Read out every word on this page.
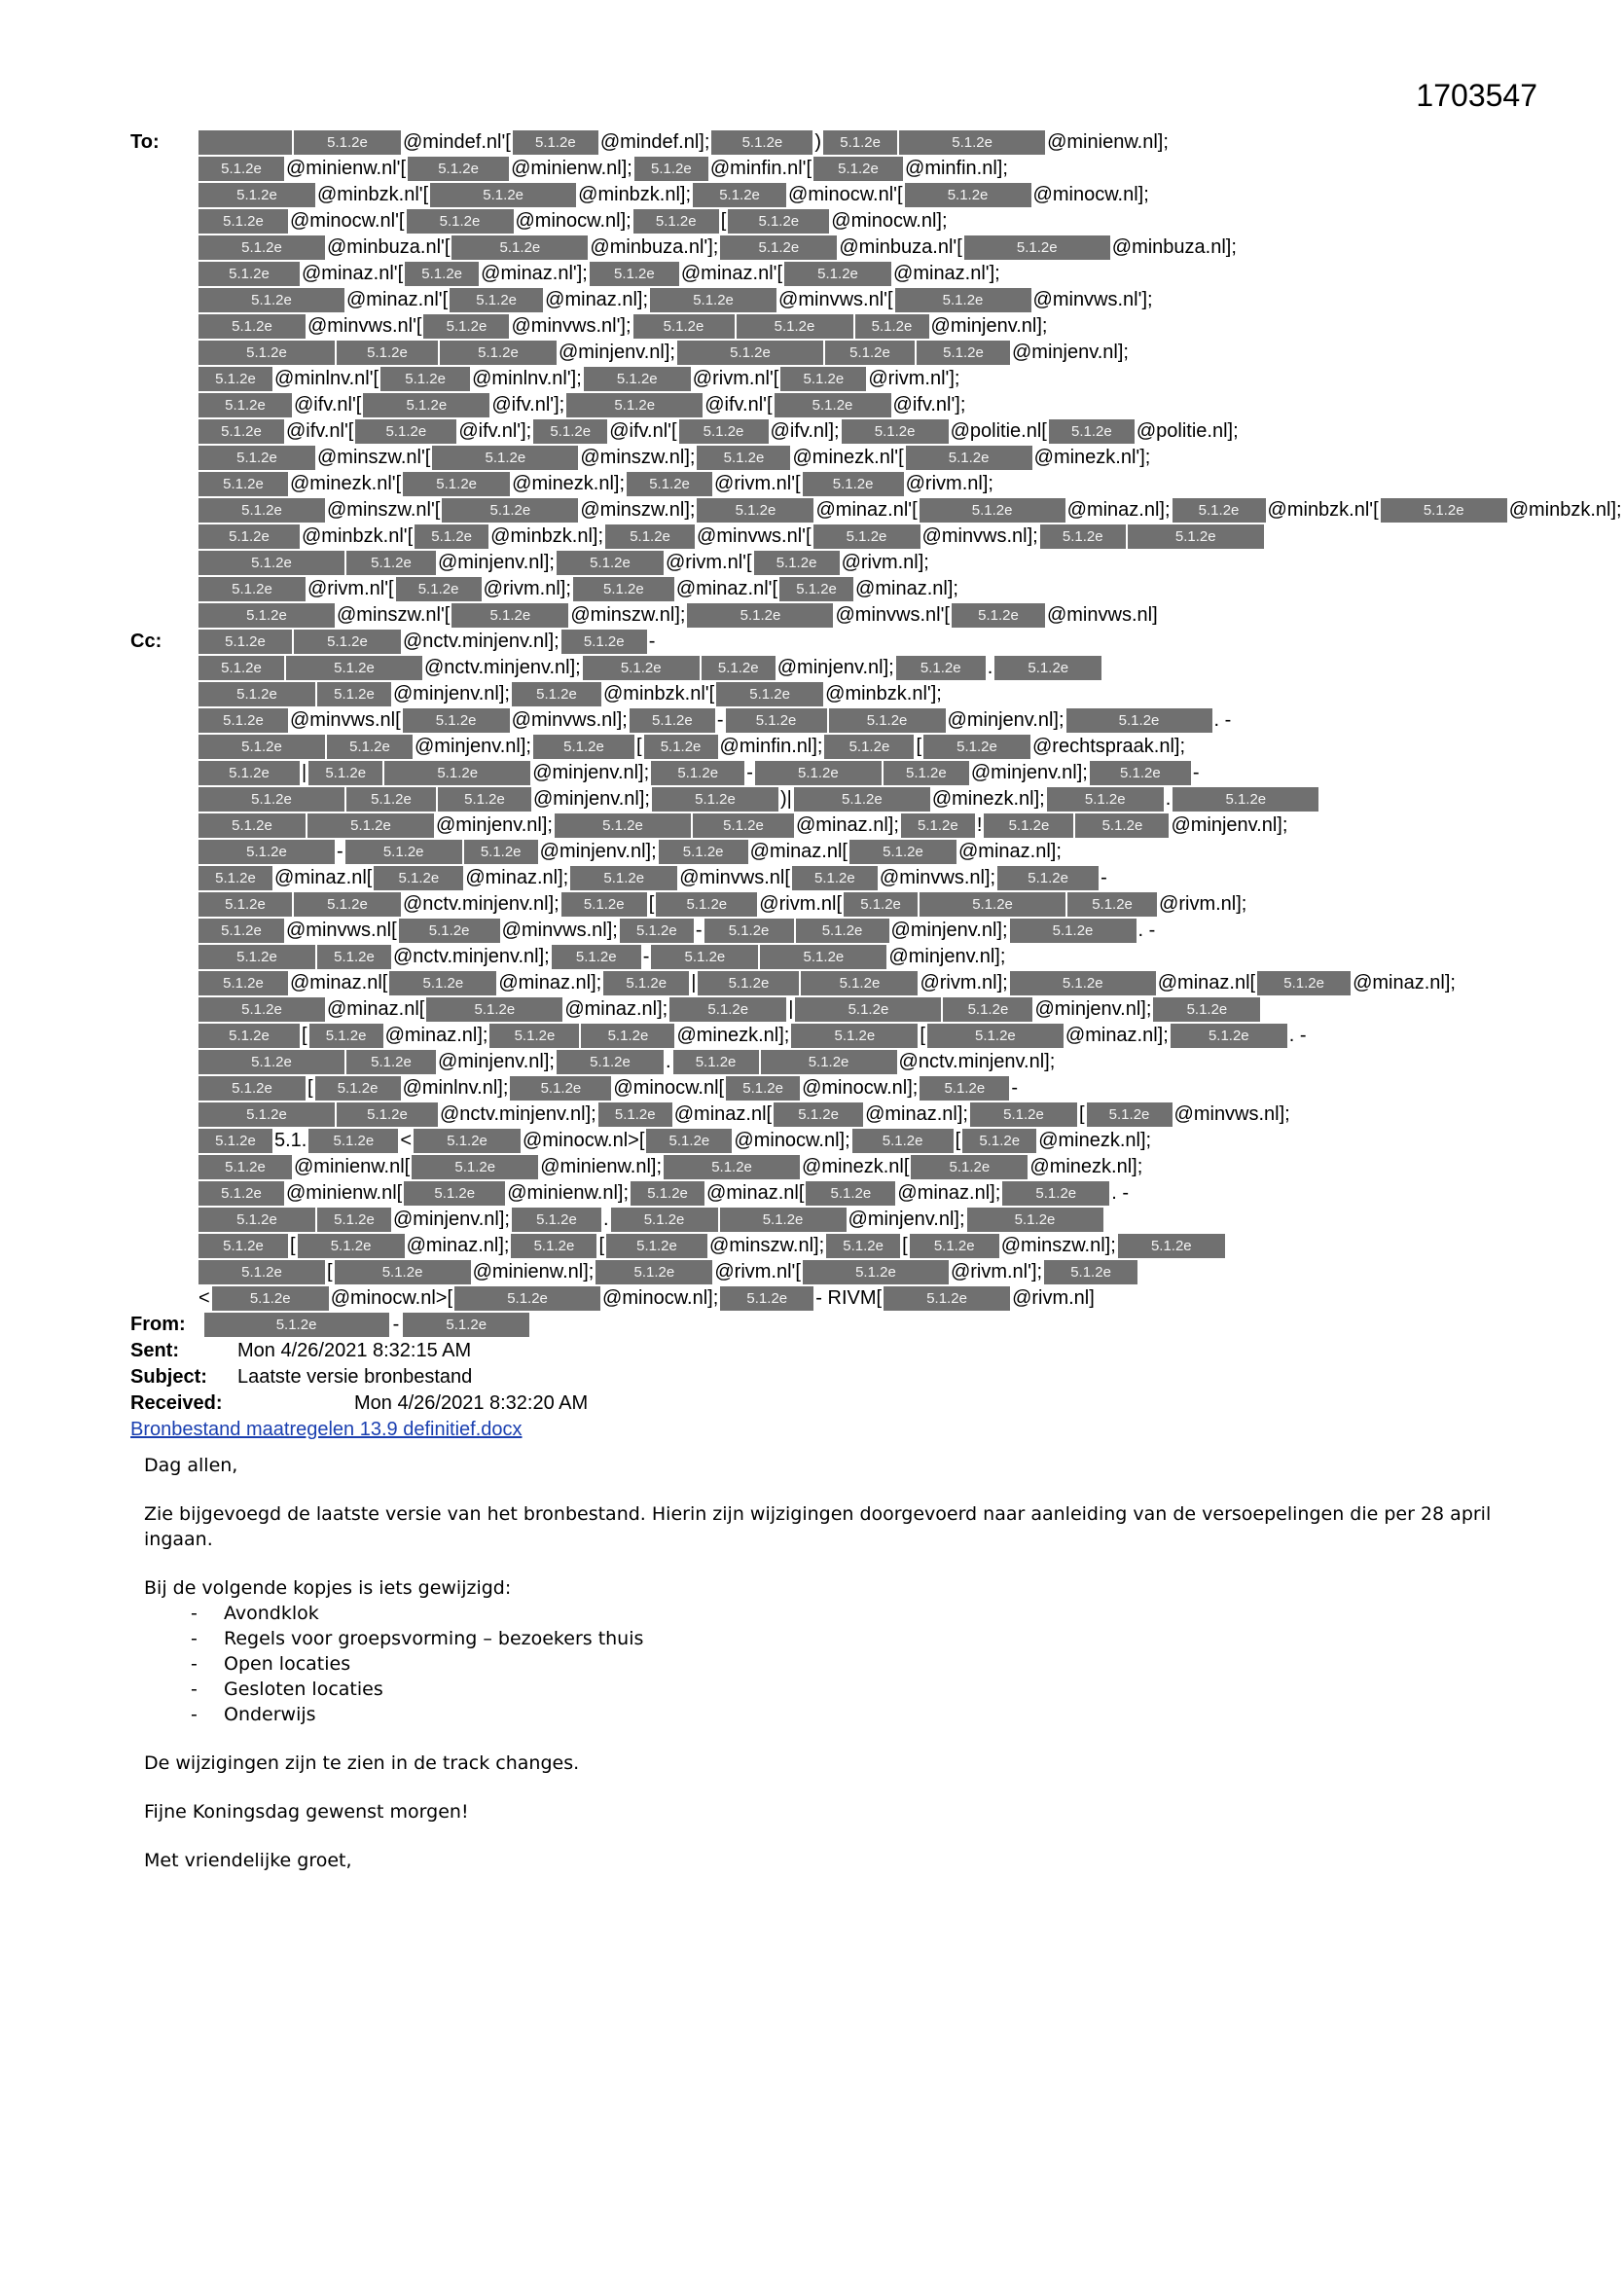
1703547
To:	5.1.2e @mindef.nl'[ 5.1.2e @mindef.nl]; 5.1.2e ) 5.1.2e	5.1.2e	@minienw.nl];
5.1.2e @minienw.nl'[ 5.1.2e @minienw.nl]; 5.1.2e @minfin.nl'[ 5.1.2e @minfin.nl];
5.1.2e @minbzk.nl'[	5.1.2e	@minbzk.nl]; 5.1.2e @minocw.nl'[	5.1.2e @minocw.nl];
5.1.2e @minocw.nl'[ 5.1.2e @minocw.nl]; 5.1.2e [ 5.1.2e @minocw.nl];
5.1.2e @minbuza.nl'[	5.1.2e	@minbuza.nl'];	5.1.2e @minbuza.nl'[	5.1.2e	@minbuza.nl];
5.1.2e @minaz.nl'[ 5.1.2e @minaz.nl']; 5.1.2e @minaz.nl'[ 5.1.2e @minaz.nl'];
5.1.2e	@minaz.nl'[ 5.1.2e @minaz.nl];	5.1.2e @minvws.nl'[	5.1.2e	@minvws.nl'];
5.1.2e @minvws.nl'[ 5.1.2e @minvws.nl']; 5.1.2e	5.1.2e	5.1.2e @minjenv.nl];
5.1.2e	5.1.2e	5.1.2e @minjenv.nl];	5.1.2e	5.1.2e	5.1.2e @minjenv.nl];
5.1.2e @minlnv.nl'[ 5.1.2e @minlnv.nl']; 5.1.2e @rivm.nl'[ 5.1.2e @rivm.nl'];
5.1.2e @ifv.nl'[	5.1.2e @ifv.nl'];	5.1.2e	@ifv.nl'[	5.1.2e @ifv.nl'];
5.1.2e @ifv.nl'[ 5.1.2e @ifv.nl']; 5.1.2e @ifv.nl'[ 5.1.2e @ifv.nl]; 5.1.2e @politie.nl[ 5.1.2e @politie.nl];
5.1.2e @minszw.nl'[	5.1.2e	@minszw.nl]; 5.1.2e @minezk.nl'[	5.1.2e @minezk.nl'];
5.1.2e @minezk.nl'[ 5.1.2e @minezk.nl]; 5.1.2e @rivm.nl'[ 5.1.2e @rivm.nl];
5.1.2e @minszw.nl'[	5.1.2e	@minszw.nl];	5.1.2e @minaz.nl'[	5.1.2e	@minaz.nl]; 5.1.2e @minbzk.nl'[	5.1.2e @minbzk.nl];
5.1.2e @minbzk.nl'[ 5.1.2e @minbzk.nl]; 5.1.2e @minvws.nl'[ 5.1.2e @minvws.nl]; 5.1.2e	5.1.2e
5.1.2e	5.1.2e @minjenv.nl]; 5.1.2e @rivm.nl'[ 5.1.2e @rivm.nl];
5.1.2e @rivm.nl'[ 5.1.2e @rivm.nl]; 5.1.2e @minaz.nl'[ 5.1.2e @minaz.nl];
5.1.2e	@minszw.nl'[	5.1.2e @minszw.nl];	5.1.2e	@minvws.nl'[ 5.1.2e @minvws.nl]
Cc:	5.1.2e	5.1.2e @nctv.minjenv.nl]; 5.1.2e -
5.1.2e	5.1.2e	@nctv.minjenv.nl];	5.1.2e	5.1.2e @minjenv.nl]; 5.1.2e . 5.1.2e
5.1.2e	5.1.2e @minjenv.nl]; 5.1.2e @minbzk.nl'[ 5.1.2e @minbzk.nl'];
5.1.2e @minvws.nl[ 5.1.2e @minvws.nl]; 5.1.2e - 5.1.2e	5.1.2e @minjenv.nl];	5.1.2e	. -
5.1.2e	5.1.2e @minjenv.nl]; 5.1.2e [ 5.1.2e @minfin.nl]; 5.1.2e [ 5.1.2e @rechtspraak.nl];
5.1.2e | 5.1.2e	5.1.2e	@minjenv.nl]; 5.1.2e -	5.1.2e	5.1.2e @minjenv.nl]; 5.1.2e -
5.1.2e	5.1.2e	5.1.2e @minjenv.nl];	5.1.2e )|	5.1.2e	@minezk.nl];	5.1.2e .	5.1.2e
5.1.2e	5.1.2e @minjenv.nl];	5.1.2e	5.1.2e @minaz.nl]; 5.1.2e ! 5.1.2e	5.1.2e @minjenv.nl];
5.1.2e	-	5.1.2e	5.1.2e @minjenv.nl]; 5.1.2e @minaz.nl[ 5.1.2e @minaz.nl];
5.1.2e @minaz.nl[ 5.1.2e @minaz.nl]; 5.1.2e @minvws.nl[ 5.1.2e @minvws.nl]; 5.1.2e -
5.1.2e	5.1.2e @nctv.minjenv.nl]; 5.1.2e [ 5.1.2e @rivm.nl[ 5.1.2e	5.1.2e	5.1.2e @rivm.nl];
5.1.2e @minvws.nl[ 5.1.2e @minvws.nl]; 5.1.2e - 5.1.2e	5.1.2e @minjenv.nl];	5.1.2e . -
5.1.2e	5.1.2e @nctv.minjenv.nl]; 5.1.2e - 5.1.2e	5.1.2e @minjenv.nl];
5.1.2e @minaz.nl[ 5.1.2e @minaz.nl]; 5.1.2e | 5.1.2e	5.1.2e @rivm.nl];	5.1.2e	@minaz.nl[ 5.1.2e @minaz.nl];
5.1.2e @minaz.nl[	5.1.2e	@minaz.nl];	5.1.2e |	5.1.2e	5.1.2e @minjenv.nl]; 5.1.2e
5.1.2e [ 5.1.2e @minaz.nl]; 5.1.2e	5.1.2e @minezk.nl];	5.1.2e [	5.1.2e	@minaz.nl];	5.1.2e . -
5.1.2e	5.1.2e @minjenv.nl]; 5.1.2e . 5.1.2e	5.1.2e	@nctv.minjenv.nl];
5.1.2e [ 5.1.2e @minlnv.nl]; 5.1.2e @minocw.nl[ 5.1.2e @minocw.nl]; 5.1.2e -
5.1.2e	5.1.2e @nctv.minjenv.nl]; 5.1.2e @minaz.nl[ 5.1.2e @minaz.nl]; 5.1.2e [ 5.1.2e @minvws.nl];
5.1.2e 5.1. 5.1.2e < 5.1.2e @minocw.nl>[ 5.1.2e @minocw.nl]; 5.1.2e [ 5.1.2e @minezk.nl];
5.1.2e @minienw.nl[	5.1.2e @minienw.nl];	5.1.2e	@minezk.nl[	5.1.2e @minezk.nl];
5.1.2e @minienw.nl[ 5.1.2e @minienw.nl]; 5.1.2e @minaz.nl[ 5.1.2e @minaz.nl]; 5.1.2e . -
5.1.2e	5.1.2e @minjenv.nl]; 5.1.2e . 5.1.2e	5.1.2e @minjenv.nl];	5.1.2e
5.1.2e [ 5.1.2e @minaz.nl]; 5.1.2e [ 5.1.2e @minszw.nl]; 5.1.2e [ 5.1.2e @minszw.nl]; 5.1.2e
5.1.2e [	5.1.2e	@minienw.nl];	5.1.2e @rivm.nl'[	5.1.2e	@rivm.nl']; 5.1.2e
<	5.1.2e @minocw.nl>[	5.1.2e	@minocw.nl]; 5.1.2e - RIVM[	5.1.2e @rivm.nl]
From:	5.1.2e	-	5.1.2e
Sent:	Mon 4/26/2021 8:32:15 AM
Subject: Laatste versie bronbestand
Received:	Mon 4/26/2021 8:32:20 AM
Bronbestand maatregelen 13.9 definitief.docx

Dag allen,

Zie bijgevoegd de laatste versie van het bronbestand. Hierin zijn wijzigingen doorgevoerd naar aanleiding van de versoepelingen die per 28 april ingaan.

Bij de volgende kopjes is iets gewijzigd:

- Avondklok
- Regels voor groepsvorming – bezoekers thuis
- Open locaties
- Gesloten locaties
- Onderwijs

De wijzigingen zijn te zien in de track changes.

Fijne Koningsdag gewenst morgen!

Met vriendelijke groet,
